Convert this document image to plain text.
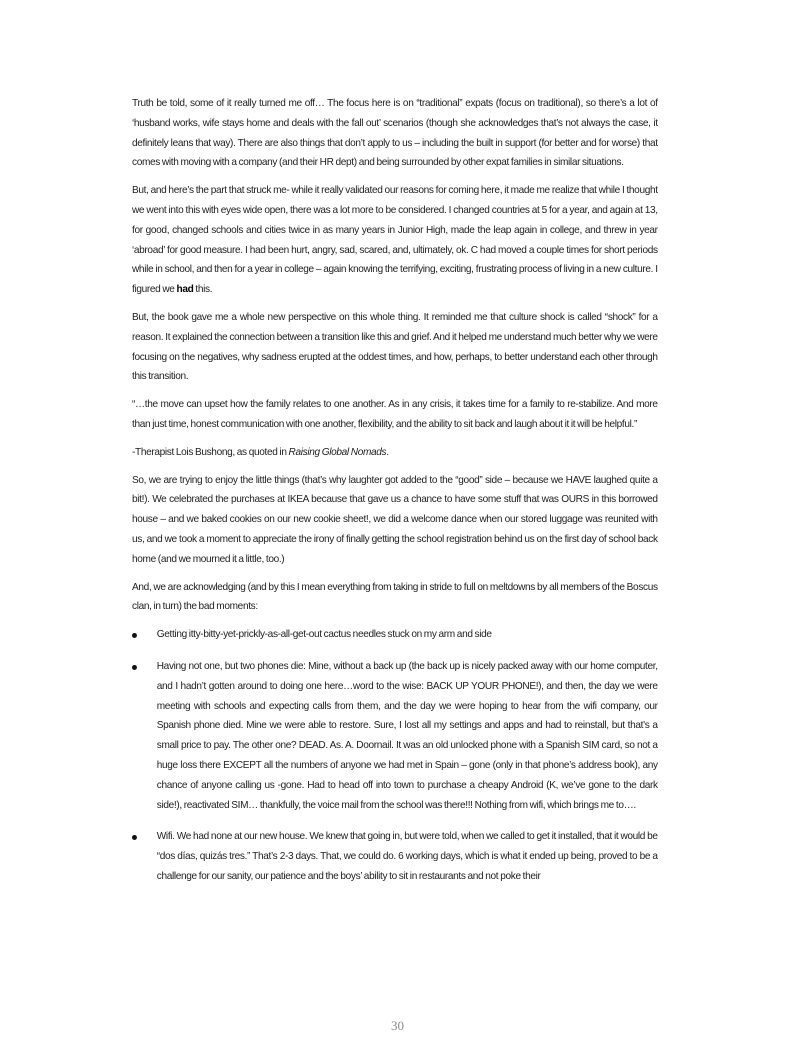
Truth be told, some of it really turned me off… The focus here is on “traditional” expats (focus on traditional), so there’s a lot of ‘husband works, wife stays home and deals with the fall out’ scenarios (though she acknowledges that’s not always the case, it definitely leans that way). There are also things that don’t apply to us – including the built in support (for better and for worse) that comes with moving with a company (and their HR dept) and being surrounded by other expat families in similar situations.

But, and here’s the part that struck me- while it really validated our reasons for coming here, it made me realize that while I thought we went into this with eyes wide open, there was a lot more to be considered. I changed countries at 5 for a year, and again at 13, for good, changed schools and cities twice in as many years in Junior High, made the leap again in college, and threw in year ‘abroad’ for good measure. I had been hurt, angry, sad, scared, and, ultimately, ok. C had moved a couple times for short periods while in school, and then for a year in college – again knowing the terrifying, exciting, frustrating process of living in a new culture. I figured we had this.

But, the book gave me a whole new perspective on this whole thing. It reminded me that culture shock is called “shock” for a reason. It explained the connection between a transition like this and grief. And it helped me understand much better why we were focusing on the negatives, why sadness erupted at the oddest times, and how, perhaps, to better understand each other through this transition.

“…the move can upset how the family relates to one another. As in any crisis, it takes time for a family to re-stabilize. And more than just time, honest communication with one another, flexibility, and the ability to sit back and laugh about it it will be helpful.”

-Therapist Lois Bushong, as quoted in Raising Global Nomads.

So, we are trying to enjoy the little things (that’s why laughter got added to the “good” side – because we HAVE laughed quite a bit!). We celebrated the purchases at IKEA because that gave us a chance to have some stuff that was OURS in this borrowed house – and we baked cookies on our new cookie sheet!, we did a welcome dance when our stored luggage was reunited with us, and we took a moment to appreciate the irony of finally getting the school registration behind us on the first day of school back home (and we mourned it a little, too.)

And, we are acknowledging (and by this I mean everything from taking in stride to full on meltdowns by all members of the Boscus clan, in turn) the bad moments:

Getting itty-bitty-yet-prickly-as-all-get-out cactus needles stuck on my arm and side
Having not one, but two phones die: Mine, without a back up (the back up is nicely packed away with our home computer, and I hadn’t gotten around to doing one here…word to the wise: BACK UP YOUR PHONE!), and then, the day we were meeting with schools and expecting calls from them, and the day we were hoping to hear from the wifi company, our Spanish phone died. Mine we were able to restore. Sure, I lost all my settings and apps and had to reinstall, but that’s a small price to pay. The other one? DEAD. As. A. Doornail. It was an old unlocked phone with a Spanish SIM card, so not a huge loss there EXCEPT all the numbers of anyone we had met in Spain – gone (only in that phone’s address book), any chance of anyone calling us -gone. Had to head off into town to purchase a cheapy Android (K, we’ve gone to the dark side!), reactivated SIM… thankfully, the voice mail from the school was there!!! Nothing from wifi, which brings me to….
Wifi. We had none at our new house. We knew that going in, but were told, when we called to get it installed, that it would be “dos días, quizás tres.” That’s 2-3 days. That, we could do. 6 working days, which is what it ended up being, proved to be a challenge for our sanity, our patience and the boys’ ability to sit in restaurants and not poke their
30
